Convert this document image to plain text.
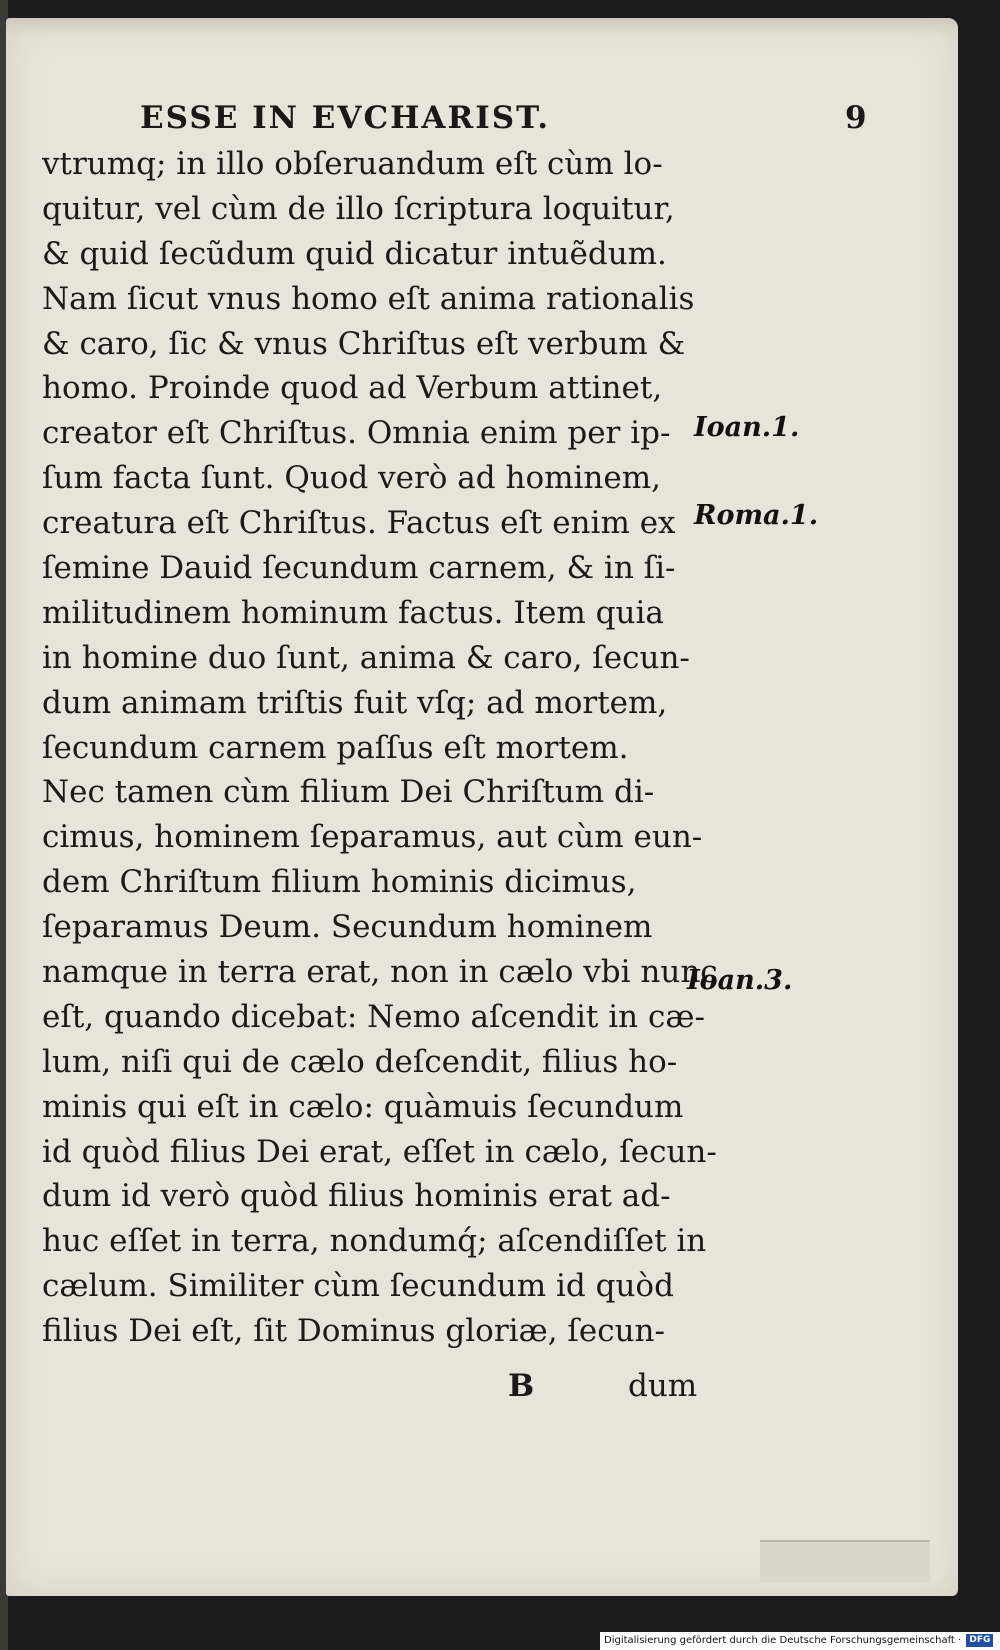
ESSE IN EVCHARIST.	9
vtrumq; in illo obſeruandum eſt cùm lo-
quitur, vel cùm de illo ſcriptura loquitur,
& quid ſecũdum quid dicatur intuẽdum.
Nam ſicut vnus homo eſt anima rationalis
& caro, ſic & vnus Chriſtus eſt verbum &
homo. Proinde quod ad Verbum attinet,
creator eſt Chriſtus. Omnia enim per ip-
ſum facta ſunt. Quod verò ad hominem,
creatura eſt Chriſtus. Factus eſt enim ex
ſemine Dauid ſecundum carnem, & in ſi-
militudinem hominum factus. Item quia
in homine duo ſunt, anima & caro, ſecun-
dum animam triſtis fuit vſq; ad mortem,
ſecundum carnem paſſus eſt mortem.
Nec tamen cùm filium Dei Chriſtum di-
cimus, hominem ſeparamus, aut cùm eun-
dem Chriſtum filium hominis dicimus,
ſeparamus Deum. Secundum hominem
namque in terra erat, non in cælo vbi nunc
eſt, quando dicebat: Nemo aſcendit in cæ-
lum, niſi qui de cælo deſcendit, filius ho-
minis qui eſt in cælo: quàmuis ſecundum
id quòd filius Dei erat, eſſet in cælo, ſecun-
dum id verò quòd filius hominis erat ad-
huc eſſet in terra, nondumq́; aſcendiſſet in
cælum. Similiter cùm ſecundum id quòd
filius Dei eſt, ſit Dominus gloriæ, ſecun-
Ioan.1.
Roma.1.
Ioan.3.
B	dum
Digitalisierung gefördert durch die Deutsche Forschungsgemeinschaft · DFG
